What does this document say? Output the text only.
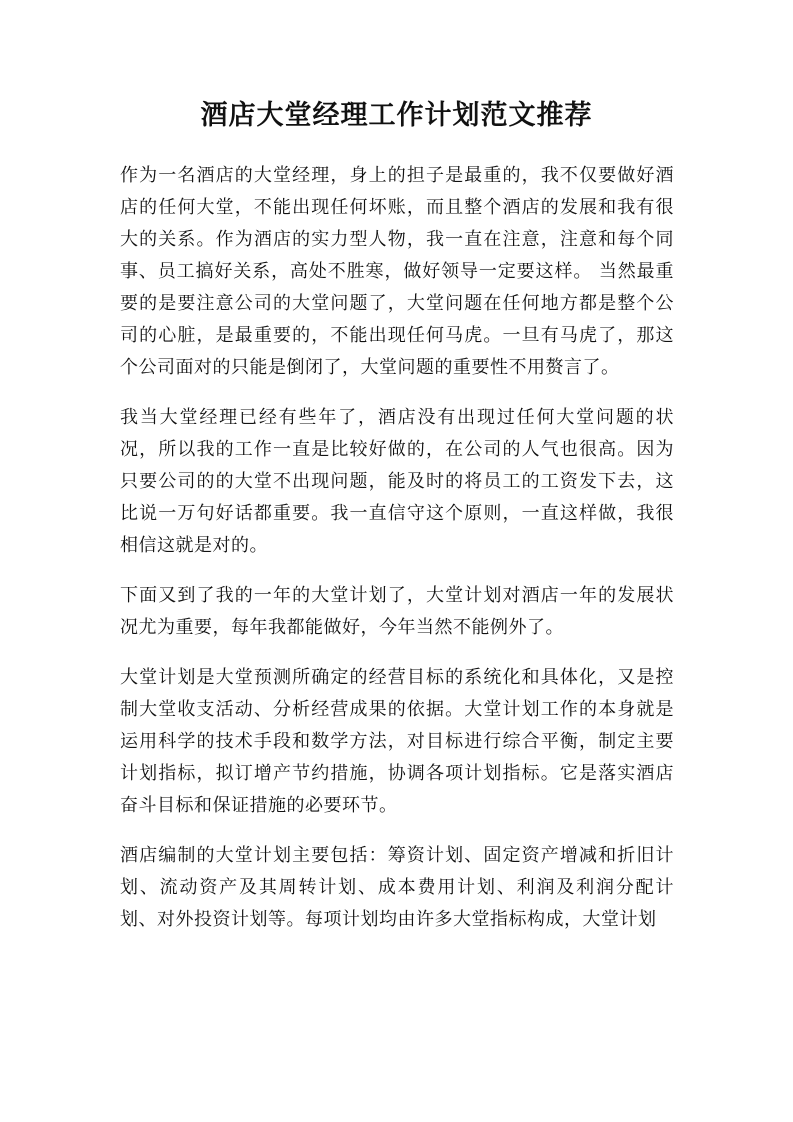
酒店大堂经理工作计划范文推荐

作为一名酒店的大堂经理，身上的担子是最重的，我不仅要做好酒店的任何大堂，不能出现任何坏账，而且整个酒店的发展和我有很大的关系。作为酒店的实力型人物，我一直在注意，注意和每个同事、员工搞好关系，高处不胜寒，做好领导一定要这样。 当然最重要的是要注意公司的大堂问题了，大堂问题在任何地方都是整个公司的心脏，是最重要的，不能出现任何马虎。一旦有马虎了，那这个公司面对的只能是倒闭了，大堂问题的重要性不用赘言了。

我当大堂经理已经有些年了，酒店没有出现过任何大堂问题的状况，所以我的工作一直是比较好做的，在公司的人气也很高。因为只要公司的的大堂不出现问题，能及时的将员工的工资发下去，这比说一万句好话都重要。我一直信守这个原则，一直这样做，我很相信这就是对的。

下面又到了我的一年的大堂计划了，大堂计划对酒店一年的发展状况尤为重要，每年我都能做好，今年当然不能例外了。

大堂计划是大堂预测所确定的经营目标的系统化和具体化，又是控制大堂收支活动、分析经营成果的依据。大堂计划工作的本身就是运用科学的技术手段和数学方法，对目标进行综合平衡，制定主要计划指标，拟订增产节约措施，协调各项计划指标。它是落实酒店奋斗目标和保证措施的必要环节。

酒店编制的大堂计划主要包括：筹资计划、固定资产增减和折旧计划、流动资产及其周转计划、成本费用计划、利润及利润分配计划、对外投资计划等。每项计划均由许多大堂指标构成，大堂计划
